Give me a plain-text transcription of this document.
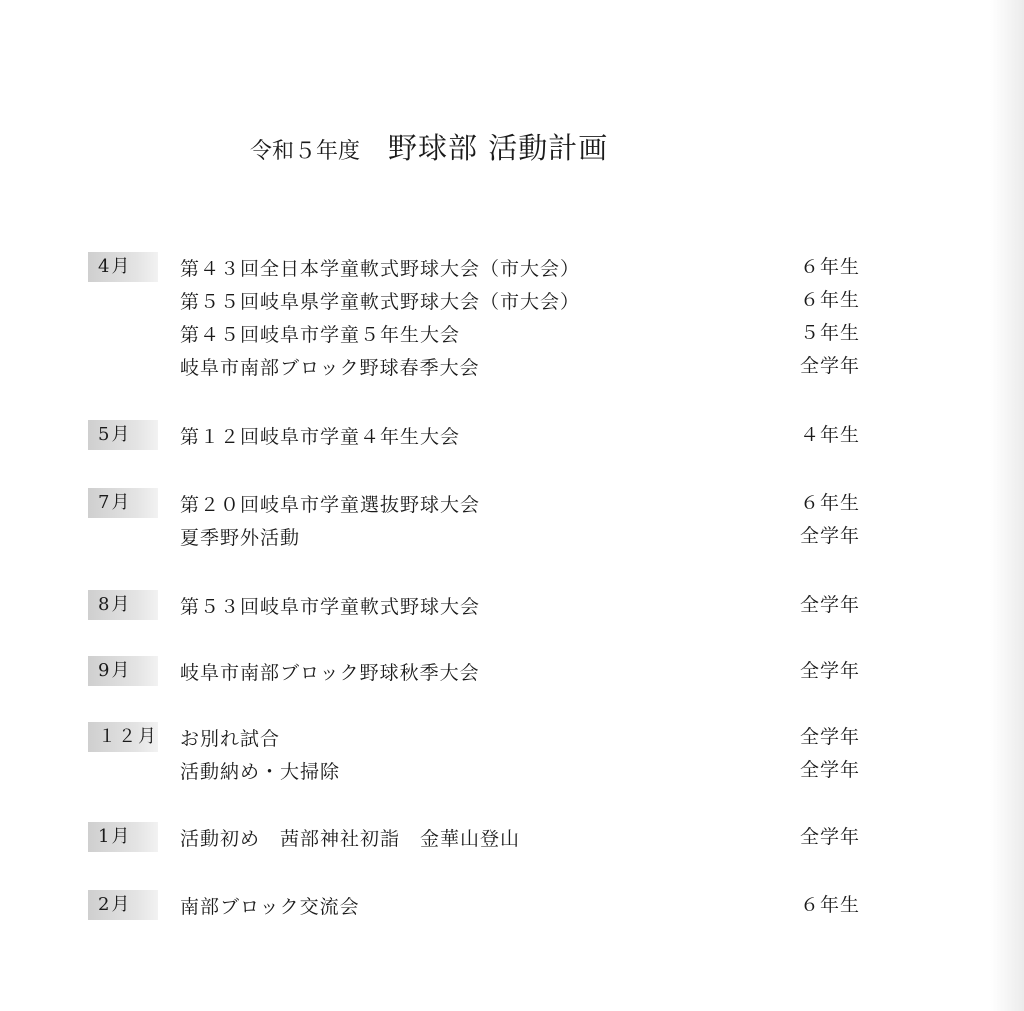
令和５年度 野球部 活動計画
4月	第４３回全日本学童軟式野球大会（市大会）	６年生
第５５回岐阜県学童軟式野球大会（市大会）	６年生
第４５回岐阜市学童５年生大会	５年生
岐阜市南部ブロック野球春季大会	全学年
5月	第１２回岐阜市学童４年生大会	４年生
7月	第２０回岐阜市学童選抜野球大会	６年生
夏季野外活動	全学年
8月	第５３回岐阜市学童軟式野球大会	全学年
9月	岐阜市南部ブロック野球秋季大会	全学年
１２月 お別れ試合	全学年
活動納め・大掃除	全学年
1月	活動初め　茜部神社初詣　金華山登山	全学年
2月	南部ブロック交流会	６年生
